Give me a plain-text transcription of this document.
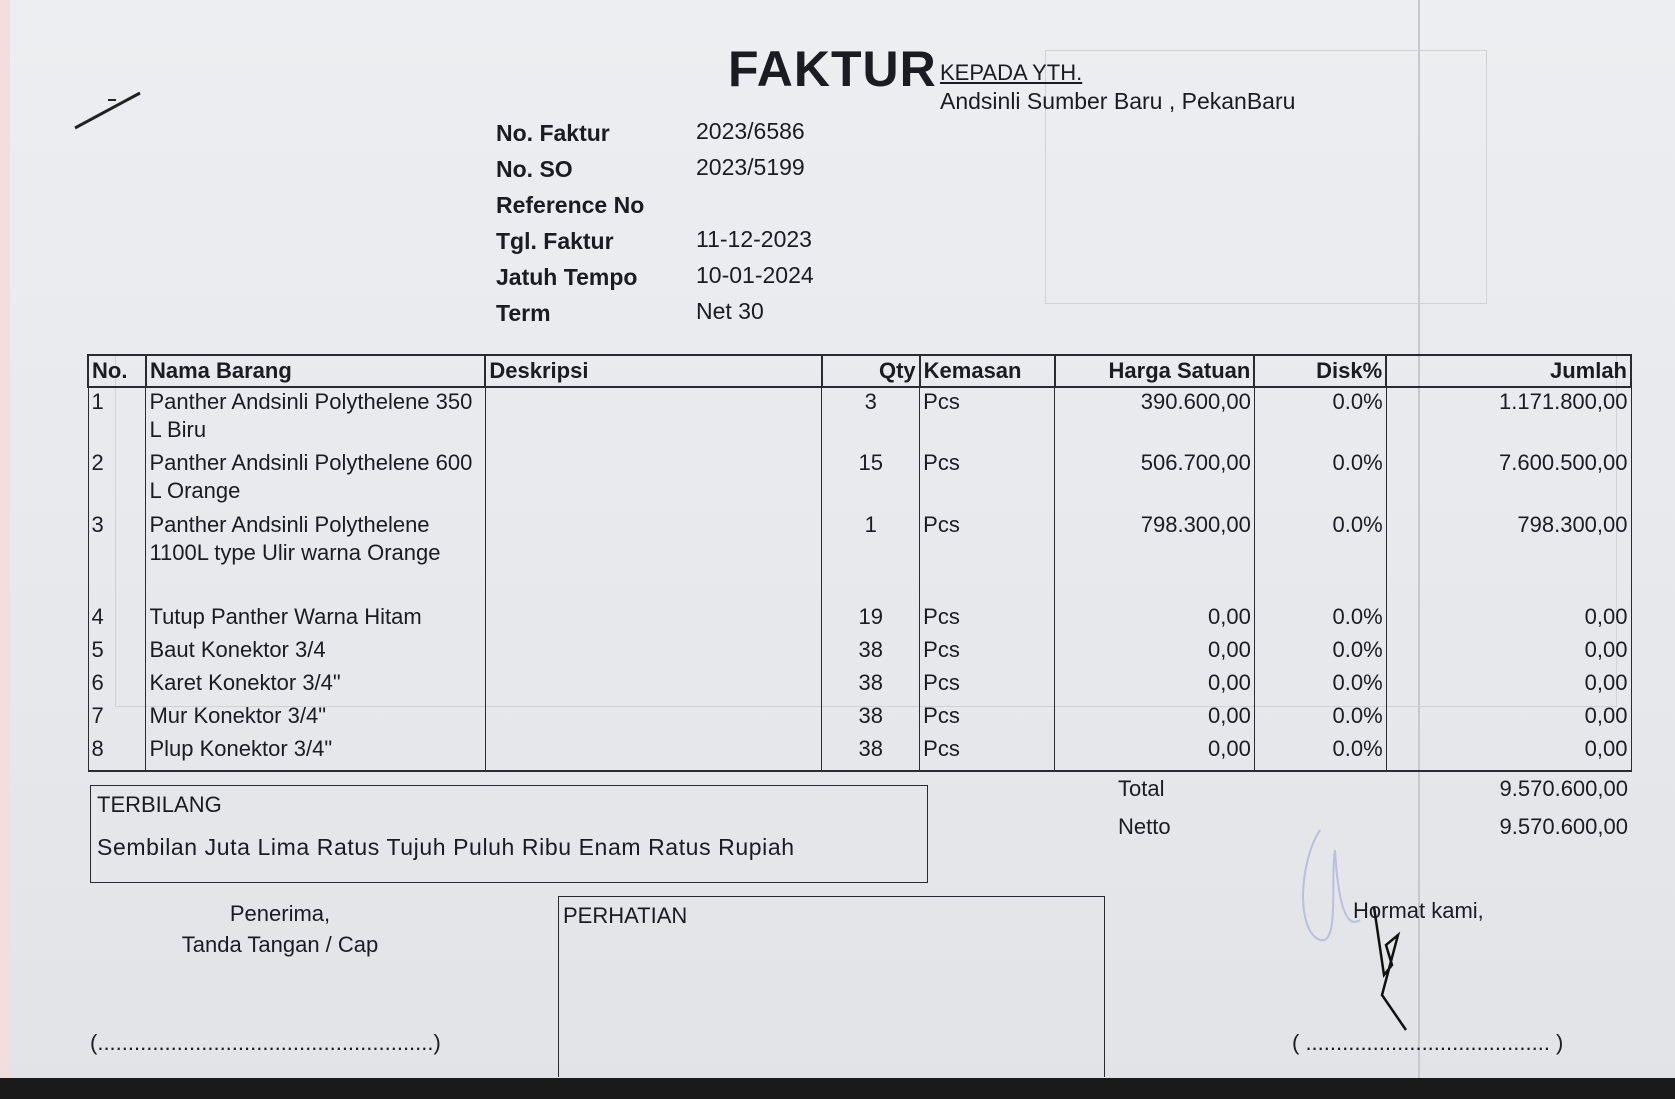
FAKTUR KEPADA YTH.
Andsinli Sumber Baru , PekanBaru
No. Faktur	2023/6586
No. SO	2023/5199
Reference No
Tgl. Faktur	11-12-2023
Jatuh Tempo	10-01-2024
Term	Net 30
No.	Nama Barang	Deskripsi	Qty	Kemasan	Harga Satuan	Disk%	Jumlah
1	Panther Andsinli Polythelene 350 L Biru		3	Pcs	390.600,00	0.0%	1.171.800,00
2	Panther Andsinli Polythelene 600 L Orange		15	Pcs	506.700,00	0.0%	7.600.500,00
3	Panther Andsinli Polythelene 1100L type Ulir warna Orange		1	Pcs	798.300,00	0.0%	798.300,00
4	Tutup Panther Warna Hitam		19	Pcs	0,00	0.0%	0,00
5	Baut Konektor 3/4		38	Pcs	0,00	0.0%	0,00
6	Karet Konektor 3/4"		38	Pcs	0,00	0.0%	0,00
7	Mur Konektor 3/4"		38	Pcs	0,00	0.0%	0,00
8	Plup Konektor 3/4"		38	Pcs	0,00	0.0%	0,00
TERBILANG
Sembilan Juta Lima Ratus Tujuh Puluh Ribu Enam Ratus Rupiah
Total	9.570.600,00
Netto	9.570.600,00
Penerima,
Tanda Tangan / Cap
(.......................................................)
PERHATIAN	Hormat kami,
( ........................................ )
